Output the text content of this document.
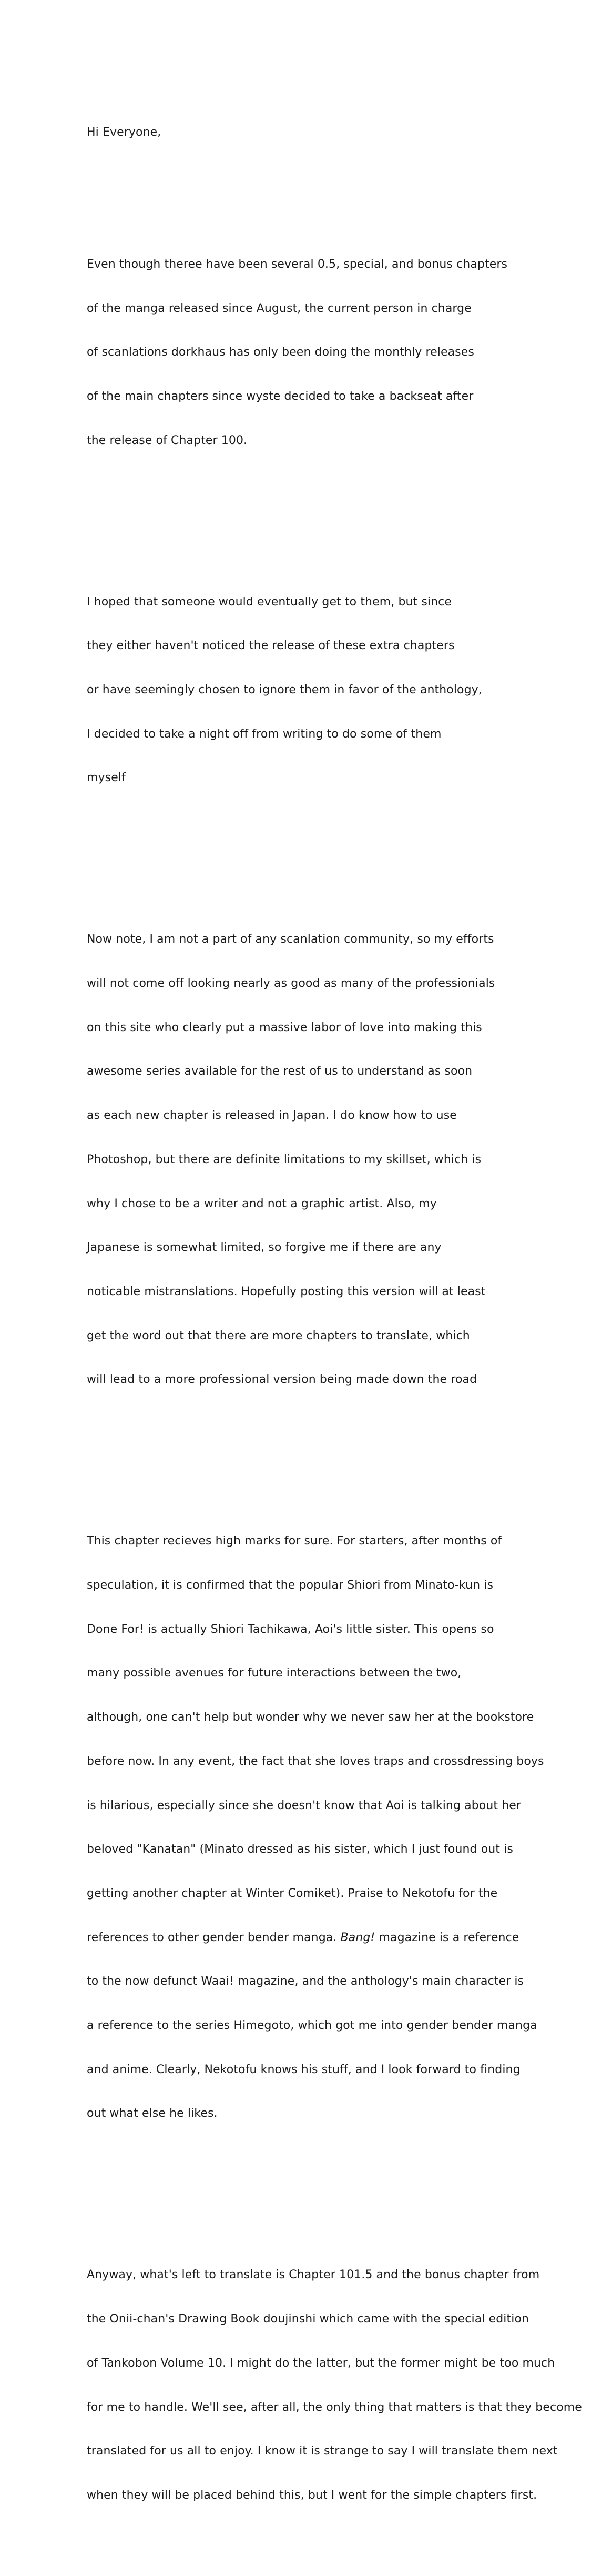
Hi Everyone,

Even though theree have been several 0.5, special, and bonus chapters

of the manga released since August, the current person in charge

of scanlations dorkhaus has only been doing the monthly releases

of the main chapters since wyste decided to take a backseat after

the release of Chapter 100.

I hoped that someone would eventually get to them, but since

they either haven't noticed the release of these extra chapters

or have seemingly chosen to ignore them in favor of the anthology,

I decided to take a night off from writing to do some of them

myself

Now note, I am not a part of any scanlation community, so my efforts

will not come off looking nearly as good as many of the professionials

on this site who clearly put a massive labor of love into making this

awesome series available for the rest of us to understand as soon

as each new chapter is released in Japan. I do know how to use

Photoshop, but there are definite limitations to my skillset, which is

why I chose to be a writer and not a graphic artist. Also, my

Japanese is somewhat limited, so forgive me if there are any

noticable mistranslations. Hopefully posting this version will at least

get the word out that there are more chapters to translate, which

will lead to a more professional version being made down the road

This chapter recieves high marks for sure. For starters, after months of

speculation, it is confirmed that the popular Shiori from Minato-kun is

Done For! is actually Shiori Tachikawa, Aoi's little sister. This opens so

many possible avenues for future interactions between the two,

although, one can't help but wonder why we never saw her at the bookstore

before now. In any event, the fact that she loves traps and crossdressing boys

is hilarious, especially since she doesn't know that Aoi is talking about her

beloved "Kanatan" (Minato dressed as his sister, which I just found out is

getting another chapter at Winter Comiket). Praise to Nekotofu for the

references to other gender bender manga. Bang! magazine is a reference

to the now defunct Waai! magazine, and the anthology's main character is

a reference to the series Himegoto, which got me into gender bender manga

and anime. Clearly, Nekotofu knows his stuff, and I look forward to finding

out what else he likes.

Anyway, what's left to translate is Chapter 101.5 and the bonus chapter from

the Onii-chan's Drawing Book doujinshi which came with the special edition

of Tankobon Volume 10. I might do the latter, but the former might be too much

for me to handle. We'll see, after all, the only thing that matters is that they become

translated for us all to enjoy. I know it is strange to say I will translate them next

when they will be placed behind this, but I went for the simple chapters first.
